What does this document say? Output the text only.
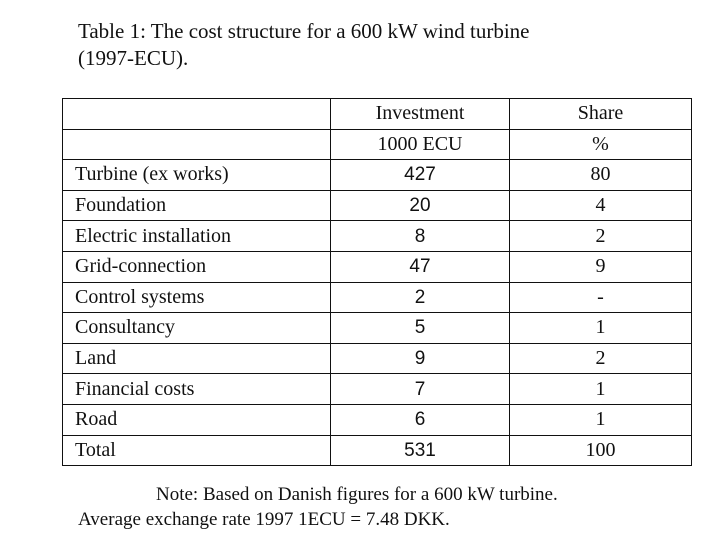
Table 1: The cost structure for a 600 kW wind turbine
(1997-ECU).
	Investment	Share
	1000 ECU	%
Turbine (ex works)	427	80
Foundation	20	4
Electric installation	8	2
Grid-connection	47	9
Control systems	2	-
Consultancy	5	1
Land	9	2
Financial costs	7	1
Road	6	1
Total	531	100
Note: Based on Danish figures for a 600 kW turbine.
Average exchange rate 1997 1ECU = 7.48 DKK.
